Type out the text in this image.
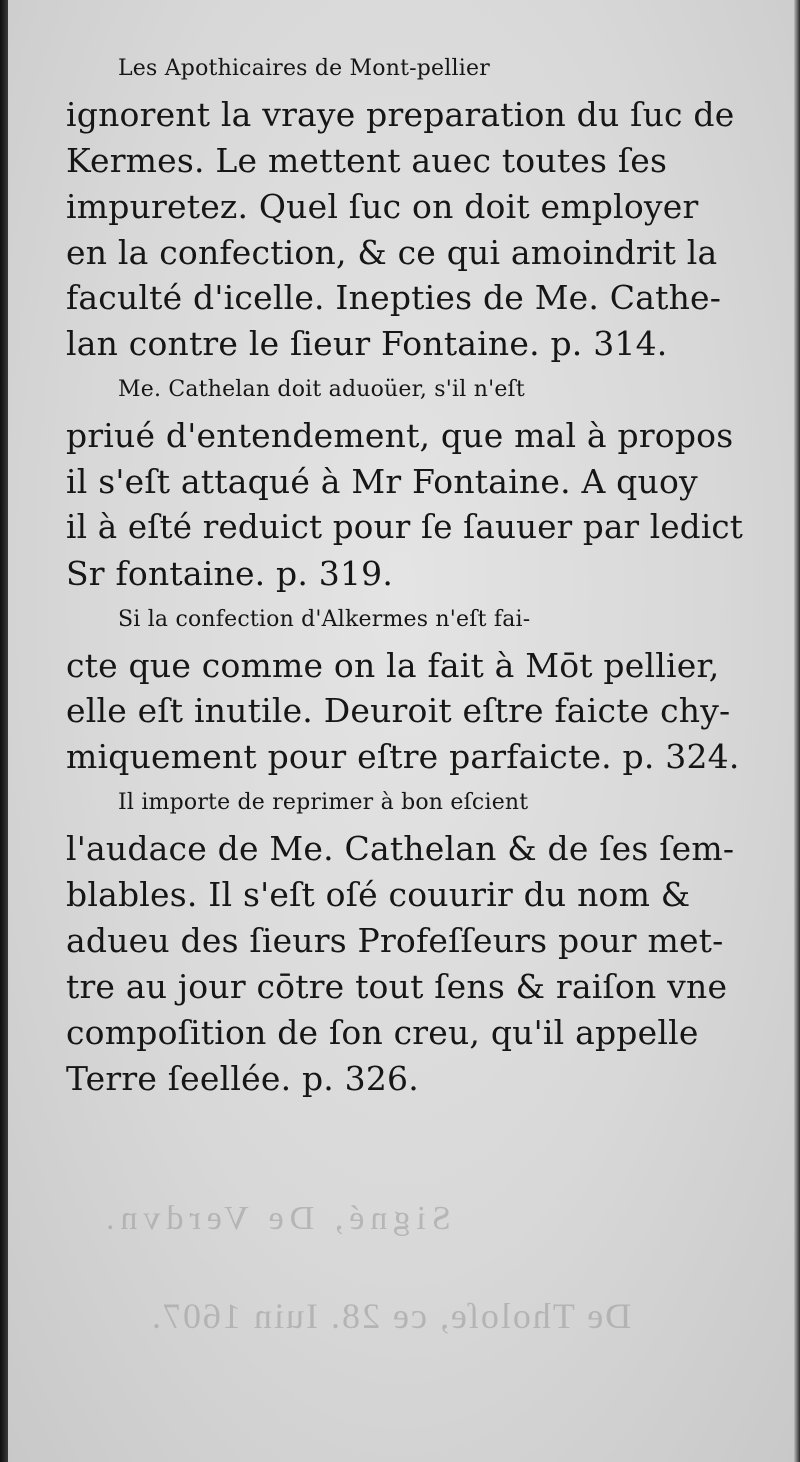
Signé, De Verdvn.
De Tholoſe, ce 28. Iuin 1607.
Les Apothicaires de Mont-pellier
ignorent la vraye preparation du ſuc de
Kermes. Le mettent auec toutes ſes
impuretez. Quel ſuc on doit employer
en la confection, & ce qui amoindrit la
faculté d'icelle. Inepties de Me. Cathe-
lan contre le ſieur Fontaine. p. 314.
Me. Cathelan doit aduoüer, s'il n'eſt
priué d'entendement, que mal à propos
il s'eſt attaqué à Mr Fontaine. A quoy
il à eſté reduict pour ſe ſauuer par ledict
Sr fontaine. p. 319.
Si la confection d'Alkermes n'eſt fai-
cte que comme on la fait à Mōt pellier,
elle eſt inutile. Deuroit eſtre faicte chy-
miquement pour eſtre parfaicte. p. 324.
Il importe de reprimer à bon eſcient
l'audace de Me. Cathelan & de ſes ſem-
blables. Il s'eſt oſé couurir du nom &
adueu des ſieurs Profeſſeurs pour met-
tre au jour cōtre tout ſens & raiſon vne
compoſition de ſon creu, qu'il appelle
Terre ſeellée. p. 326.
